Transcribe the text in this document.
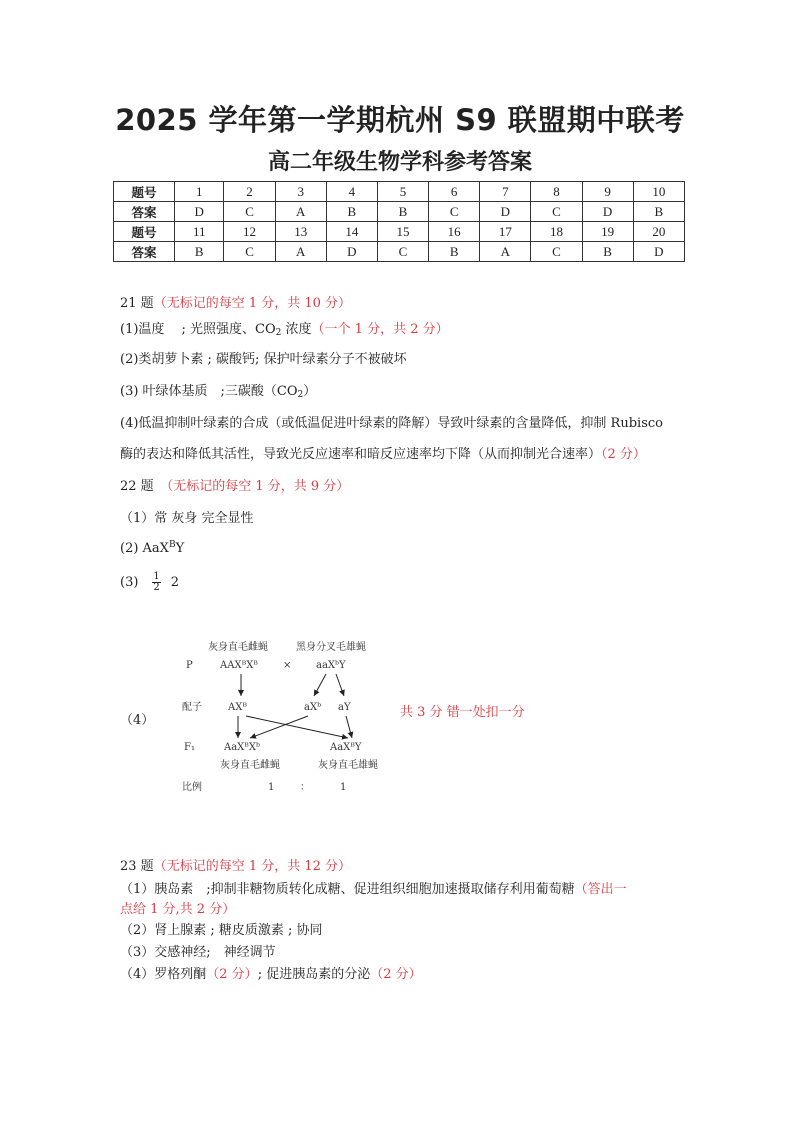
2025 学年第一学期杭州 S9 联盟期中联考
高二年级生物学科参考答案
题号	1	2	3	4	5	6	7	8	9	10
答案	D	C	A	B	B	C	D	C	D	B
题号	11	12	13	14	15	16	17	18	19	20
答案	B	C	A	D	C	B	A	C	B	D
21 题（无标记的每空 1 分，共 10 分）
(1)温度　 ; 光照强度、$CO_2$ 浓度（一个 1 分，共 2 分）
(2)类胡萝卜素 ; 碳酸钙; 保护叶绿素分子不被破坏
(3) 叶绿体基质　;三碳酸$(CO_2)$
(4)低温抑制叶绿素的合成（或低温促进叶绿素的降解）导致叶绿素的含量降低，抑制 Rubisco
酶的表达和降低其活性，导致光反应速率和暗反应速率均下降（从而抑制光合速率）（2 分）
22 题　 （无标记的每空 1 分，共 9 分）
（1）常 灰身 完全显性
(2) AaX$^B$Y
$(3) \frac{1}{2} 2$
（4）
灰身直毛雌蝇	黑身分叉毛雄蝇
P	AAXᴮXᴮ	× aaXᵇY
配子	AXᴮ	aXᵇ aY
F₁	AaXᴮXᵇ	AaXᴮY
灰身直毛雌蝇	灰身直毛雄蝇
比例	1	：	1
共 3 分 错一处扣一分
23 题（无标记的每空 1 分，共 12 分）
（1）胰岛素　;抑制非糖物质转化成糖、促进组织细胞加速摄取储存利用葡萄糖（答出一
点给 1 分,共 2 分）
（2）肾上腺素 ; 糖皮质激素 ; 协同
（3）交感神经;　神经调节
（4）罗格列酮（2 分）; 促进胰岛素的分泌（2 分）
